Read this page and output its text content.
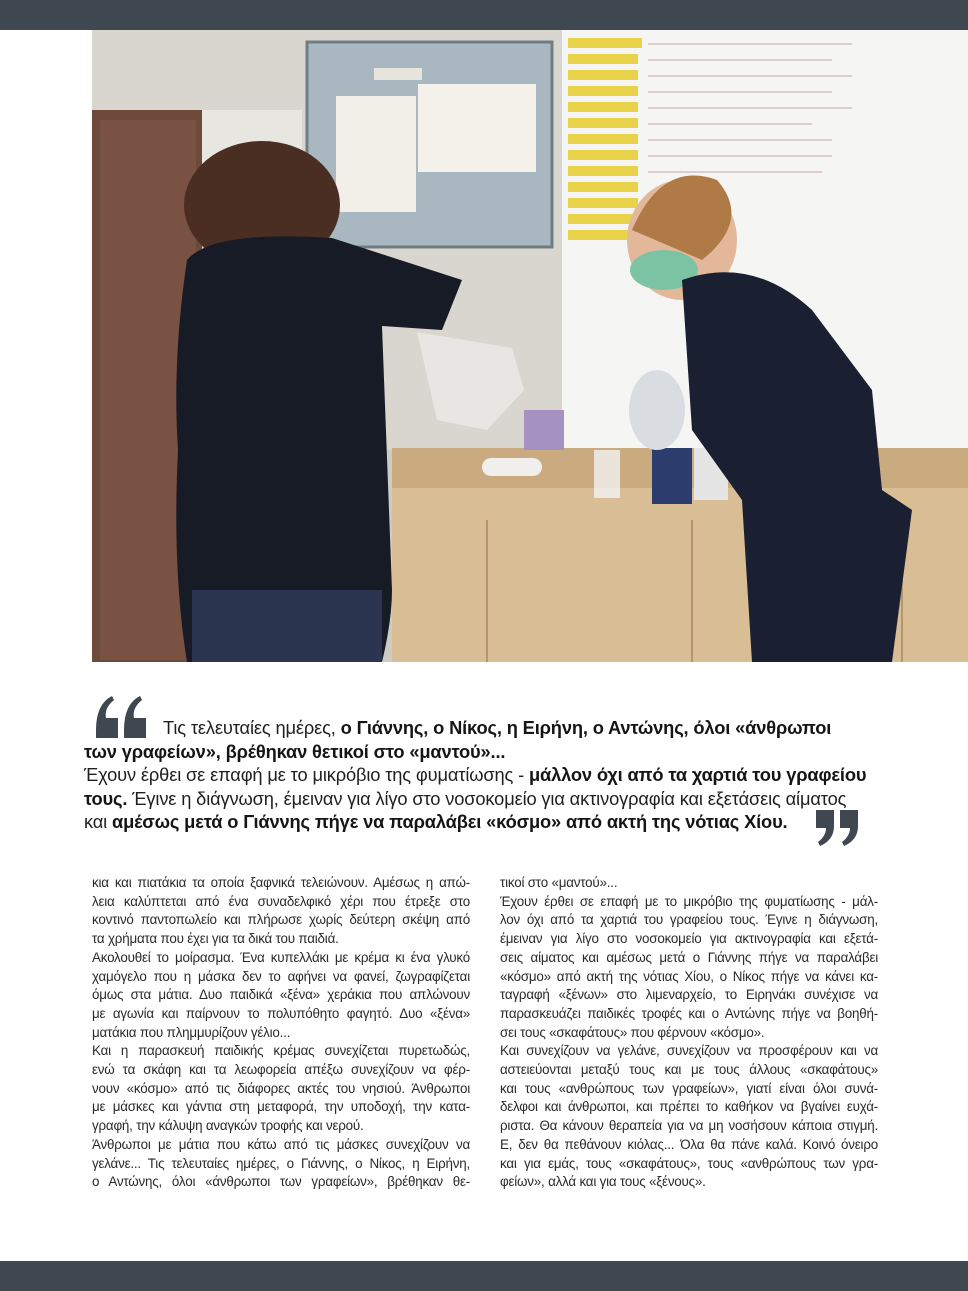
Τις τελευταίες ημέρες, ο Γιάννης, ο Νίκος, η Ειρήνη, ο Αντώνης, όλοι «άνθρωποι
των γραφείων», βρέθηκαν θετικοί στο «μαντού»...
Έχουν έρθει σε επαφή με το μικρόβιο της φυματίωσης - μάλλον όχι από τα χαρτιά του γραφείου
τους. Έγινε η διάγνωση, έμειναν για λίγο στο νοσοκομείο για ακτινογραφία και εξετάσεις αίματος
και αμέσως μετά ο Γιάννης πήγε να παραλάβει «κόσμο» από ακτή της νότιας Χίου.
κια και πιατάκια τα οποία ξαφνικά τελειώνουν. Αμέσως η απώ-
λεια καλύπτεται από ένα συναδελφικό χέρι που έτρεξε στο
κοντινό παντοπωλείο και πλήρωσε χωρίς δεύτερη σκέψη από
τα χρήματα που έχει για τα δικά του παιδιά.
Ακολουθεί το μοίρασμα. Ένα κυπελλάκι με κρέμα κι ένα γλυκό
χαμόγελο που η μάσκα δεν το αφήνει να φανεί, ζωγραφίζεται
όμως στα μάτια. Δυο παιδικά «ξένα» χεράκια που απλώνουν
με αγωνία και παίρνουν το πολυπόθητο φαγητό. Δυο «ξένα»
ματάκια που πλημμυρίζουν γέλιο...
Και η παρασκευή παιδικής κρέμας συνεχίζεται πυρετωδώς,
ενώ τα σκάφη και τα λεωφορεία απέξω συνεχίζουν να φέρ-
νουν «κόσμο» από τις διάφορες ακτές του νησιού. Άνθρωποι
με μάσκες και γάντια στη μεταφορά, την υποδοχή, την κατα-
γραφή, την κάλυψη αναγκών τροφής και νερού.
Άνθρωποι με μάτια που κάτω από τις μάσκες συνεχίζουν να
γελάνε... Τις τελευταίες ημέρες, ο Γιάννης, ο Νίκος, η Ειρήνη,
ο Αντώνης, όλοι «άνθρωποι των γραφείων», βρέθηκαν θε-
τικοί στο «μαντού»...
Έχουν έρθει σε επαφή με το μικρόβιο της φυματίωσης - μάλ-
λον όχι από τα χαρτιά του γραφείου τους. Έγινε η διάγνωση,
έμειναν για λίγο στο νοσοκομείο για ακτινογραφία και εξετά-
σεις αίματος και αμέσως μετά ο Γιάννης πήγε να παραλάβει
«κόσμο» από ακτή της νότιας Χίου, ο Νίκος πήγε να κάνει κα-
ταγραφή «ξένων» στο λιμεναρχείο, το Ειρηνάκι συνέχισε να
παρασκευάζει παιδικές τροφές και ο Αντώνης πήγε να βοηθή-
σει τους «σκαφάτους» που φέρνουν «κόσμο».
Και συνεχίζουν να γελάνε, συνεχίζουν να προσφέρουν και να
αστειεύονται μεταξύ τους και με τους άλλους «σκαφάτους»
και τους «ανθρώπους των γραφείων», γιατί είναι όλοι συνά-
δελφοι και άνθρωποι, και πρέπει το καθήκον να βγαίνει ευχά-
ριστα. Θα κάνουν θεραπεία για να μη νοσήσουν κάποια στιγμή.
Ε, δεν θα πεθάνουν κιόλας... Όλα θα πάνε καλά. Κοινό όνειρο
και για εμάς, τους «σκαφάτους», τους «ανθρώπους των γρα-
φείων», αλλά και για τους «ξένους».
